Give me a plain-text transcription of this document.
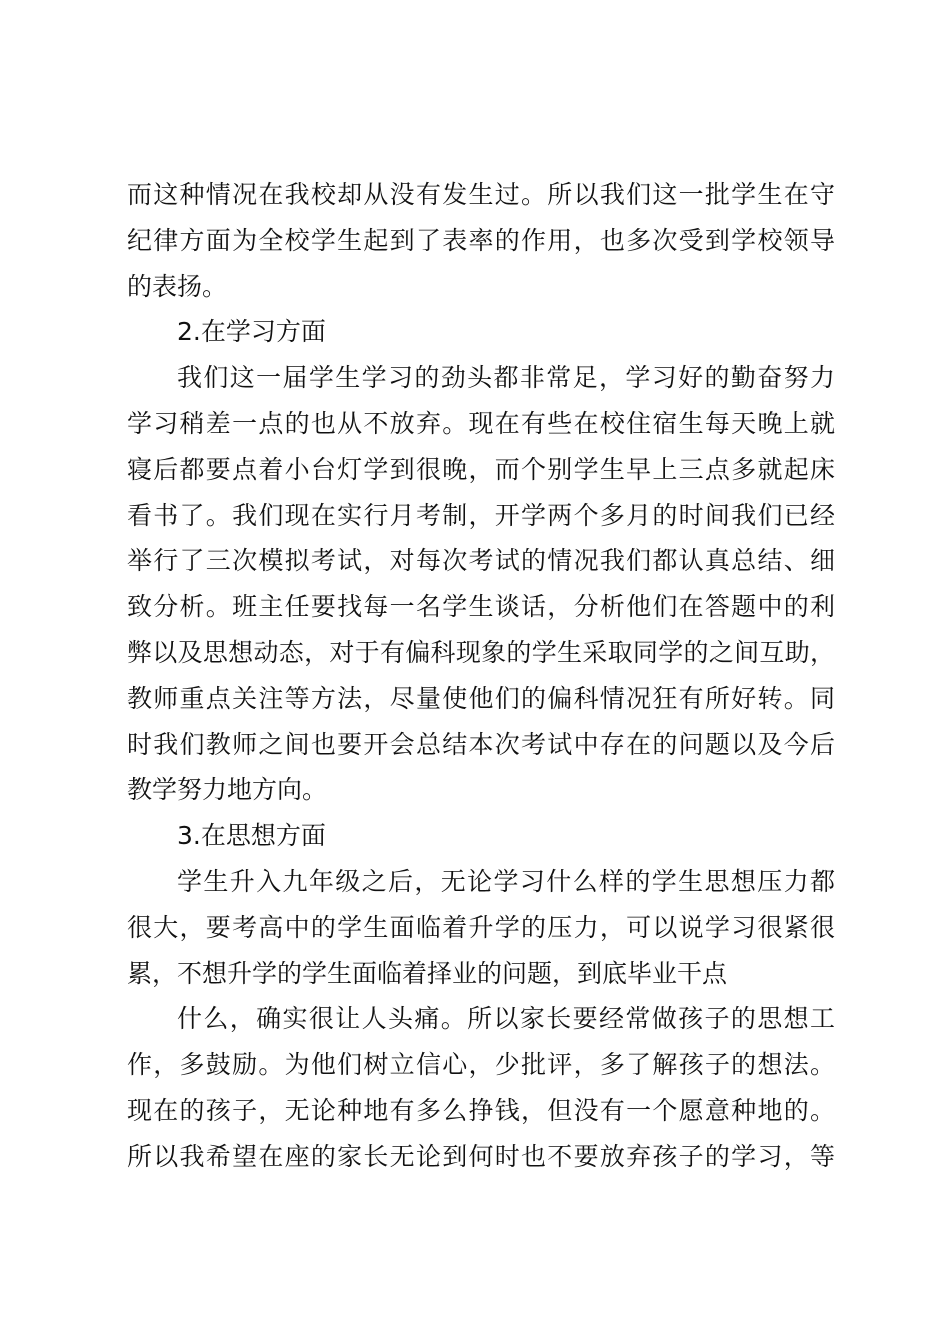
而这种情况在我校却从没有发生过。所以我们这一批学生在守
纪律方面为全校学生起到了表率的作用，也多次受到学校领导
的表扬。
2.在学习方面
我们这一届学生学习的劲头都非常足，学习好的勤奋努力
学习稍差一点的也从不放弃。现在有些在校住宿生每天晚上就
寝后都要点着小台灯学到很晚，而个别学生早上三点多就起床
看书了。我们现在实行月考制，开学两个多月的时间我们已经
举行了三次模拟考试，对每次考试的情况我们都认真总结、细
致分析。班主任要找每一名学生谈话，分析他们在答题中的利
弊以及思想动态，对于有偏科现象的学生采取同学的之间互助，
教师重点关注等方法，尽量使他们的偏科情况狂有所好转。同
时我们教师之间也要开会总结本次考试中存在的问题以及今后
教学努力地方向。
3.在思想方面
学生升入九年级之后，无论学习什么样的学生思想压力都
很大，要考高中的学生面临着升学的压力，可以说学习很紧很
累，不想升学的学生面临着择业的问题，到底毕业干点
什么，确实很让人头痛。所以家长要经常做孩子的思想工
作，多鼓励。为他们树立信心，少批评，多了解孩子的想法。
现在的孩子，无论种地有多么挣钱，但没有一个愿意种地的。
所以我希望在座的家长无论到何时也不要放弃孩子的学习，等
